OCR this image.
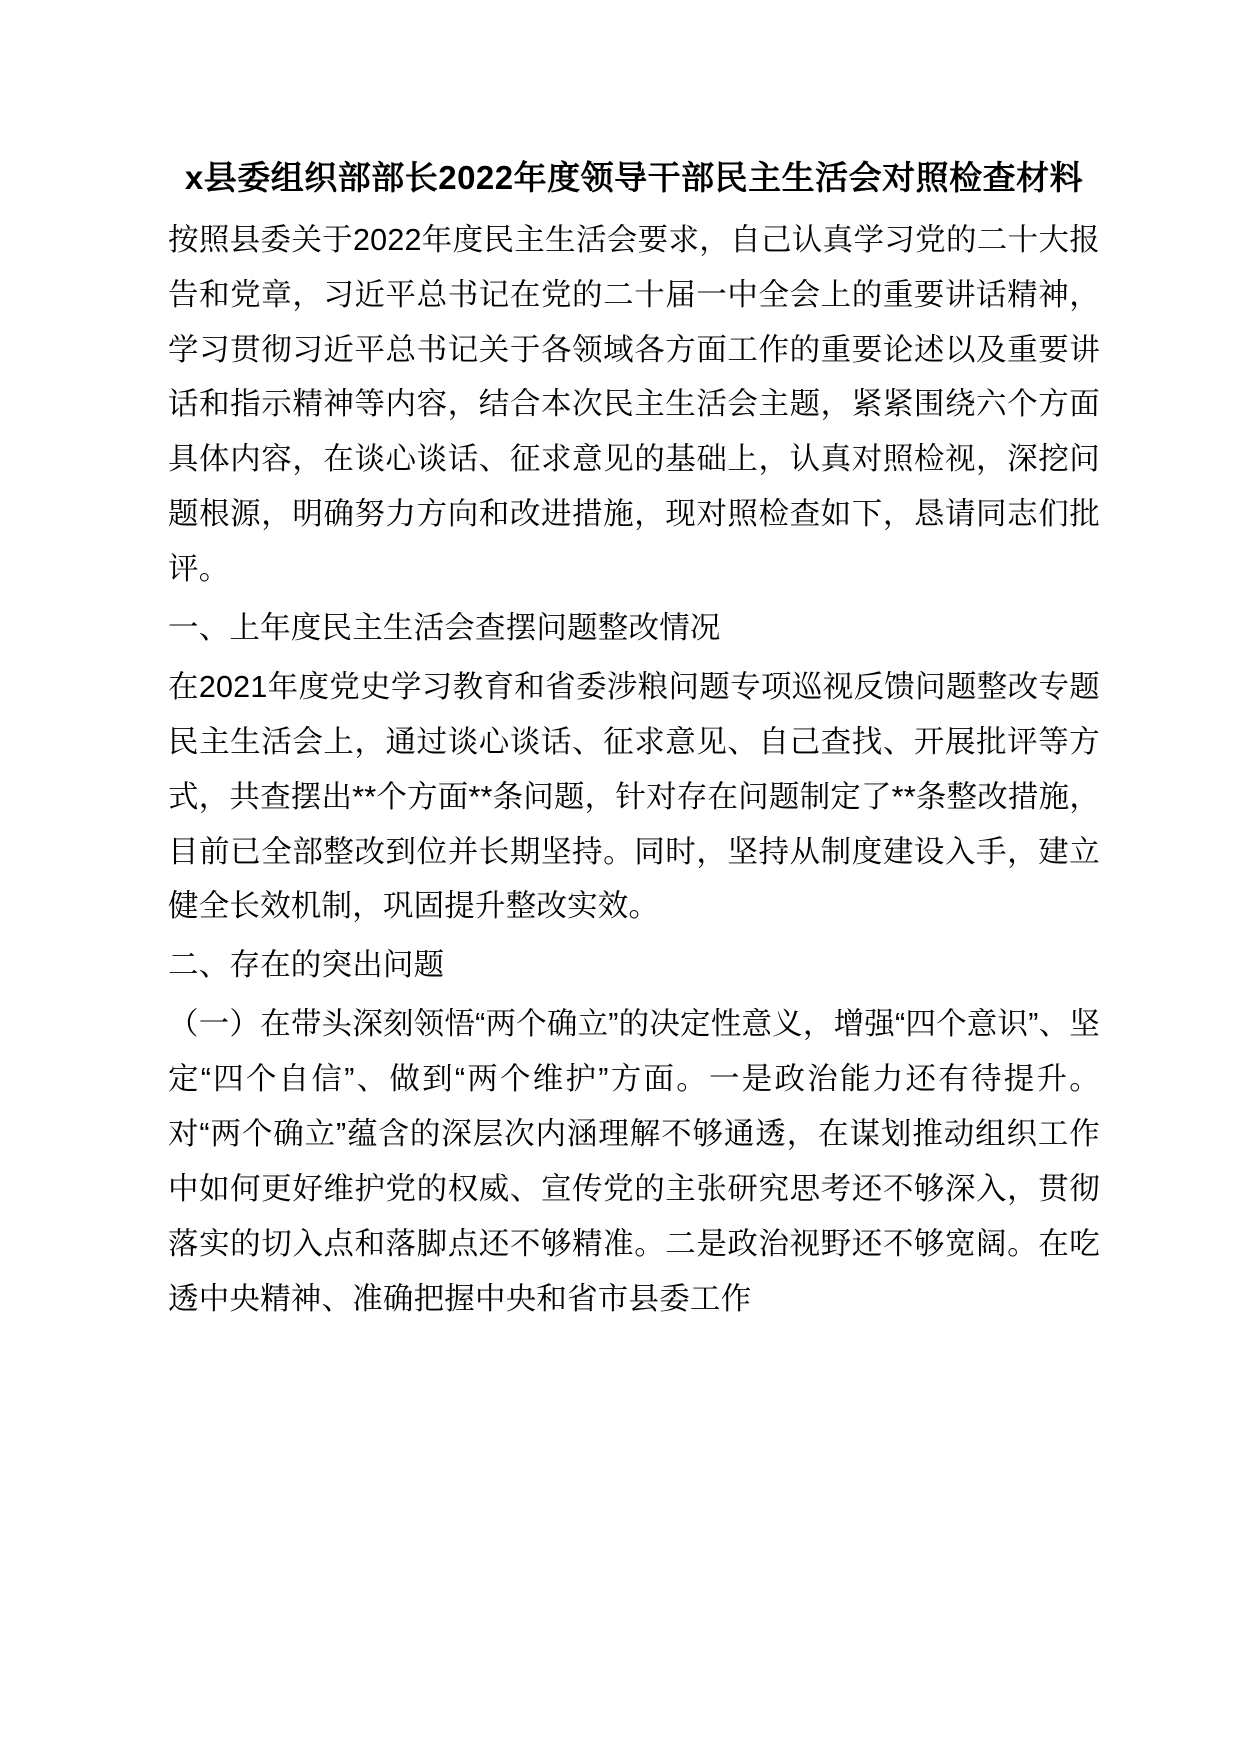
x县委组织部部长2022年度领导干部民主生活会对照检查材料

按照县委关于2022年度民主生活会要求，自己认真学习党的二十大报告和党章，习近平总书记在党的二十届一中全会上的重要讲话精神，学习贯彻习近平总书记关于各领域各方面工作的重要论述以及重要讲话和指示精神等内容，结合本次民主生活会主题，紧紧围绕六个方面具体内容，在谈心谈话、征求意见的基础上，认真对照检视，深挖问题根源，明确努力方向和改进措施，现对照检查如下，恳请同志们批评。

一、上年度民主生活会查摆问题整改情况

在2021年度党史学习教育和省委涉粮问题专项巡视反馈问题整改专题民主生活会上，通过谈心谈话、征求意见、自己查找、开展批评等方式，共查摆出**个方面**条问题，针对存在问题制定了**条整改措施，目前已全部整改到位并长期坚持。同时，坚持从制度建设入手，建立健全长效机制，巩固提升整改实效。

二、存在的突出问题

（一）在带头深刻领悟“两个确立”的决定性意义，增强“四个意识”、坚定“四个自信”、做到“两个维护”方面。一是政治能力还有待提升。对“两个确立”蕴含的深层次内涵理解不够通透，在谋划推动组织工作中如何更好维护党的权威、宣传党的主张研究思考还不够深入，贯彻落实的切入点和落脚点还不够精准。二是政治视野还不够宽阔。在吃透中央精神、准确把握中央和省市县委工作
